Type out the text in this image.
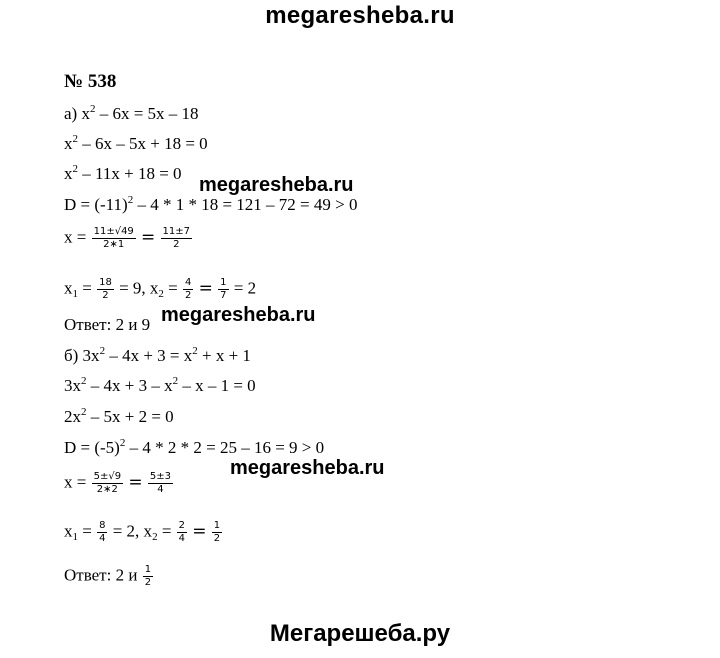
megaresheba.ru
№ 538
а) $x^2 - 6x = 5x - 18$
$x^2 - 6x - 5x + 18 = 0$
$x^2 - 11x + 18 = 0$
$D = (-11)^2 - 4 * 1 * 18 = 121 - 72 = 49 > 0$
$x = \frac{11\pm√49}{2∗1} = \frac{11\pm 7}{2}$
$x_1 = \frac{18}{2} = 9$, $x_2 = \frac{4}{2} = \frac{1}{7} = 2$
Ответ: 2 и 9
б) $3x^2 - 4x + 3 = x^2 + x + 1$
$3x^2 - 4x + 3 - x^2 - x - 1 = 0$
$2x^2 - 5x + 2 = 0$
$D = (-5)^2 - 4 * 2 * 2 = 25 - 16 = 9 > 0$
$x = \frac{5\pm√9}{2∗2} = \frac{5\pm 3}{4}$
$x_1 = \frac{8}{4} = 2$, $x_2 = \frac{2}{4} = \frac{1}{2}$
Ответ: 2 и $\frac{1}{2}$
megaresheba.ru
megaresheba.ru
megaresheba.ru
Мегарешеба.ру
